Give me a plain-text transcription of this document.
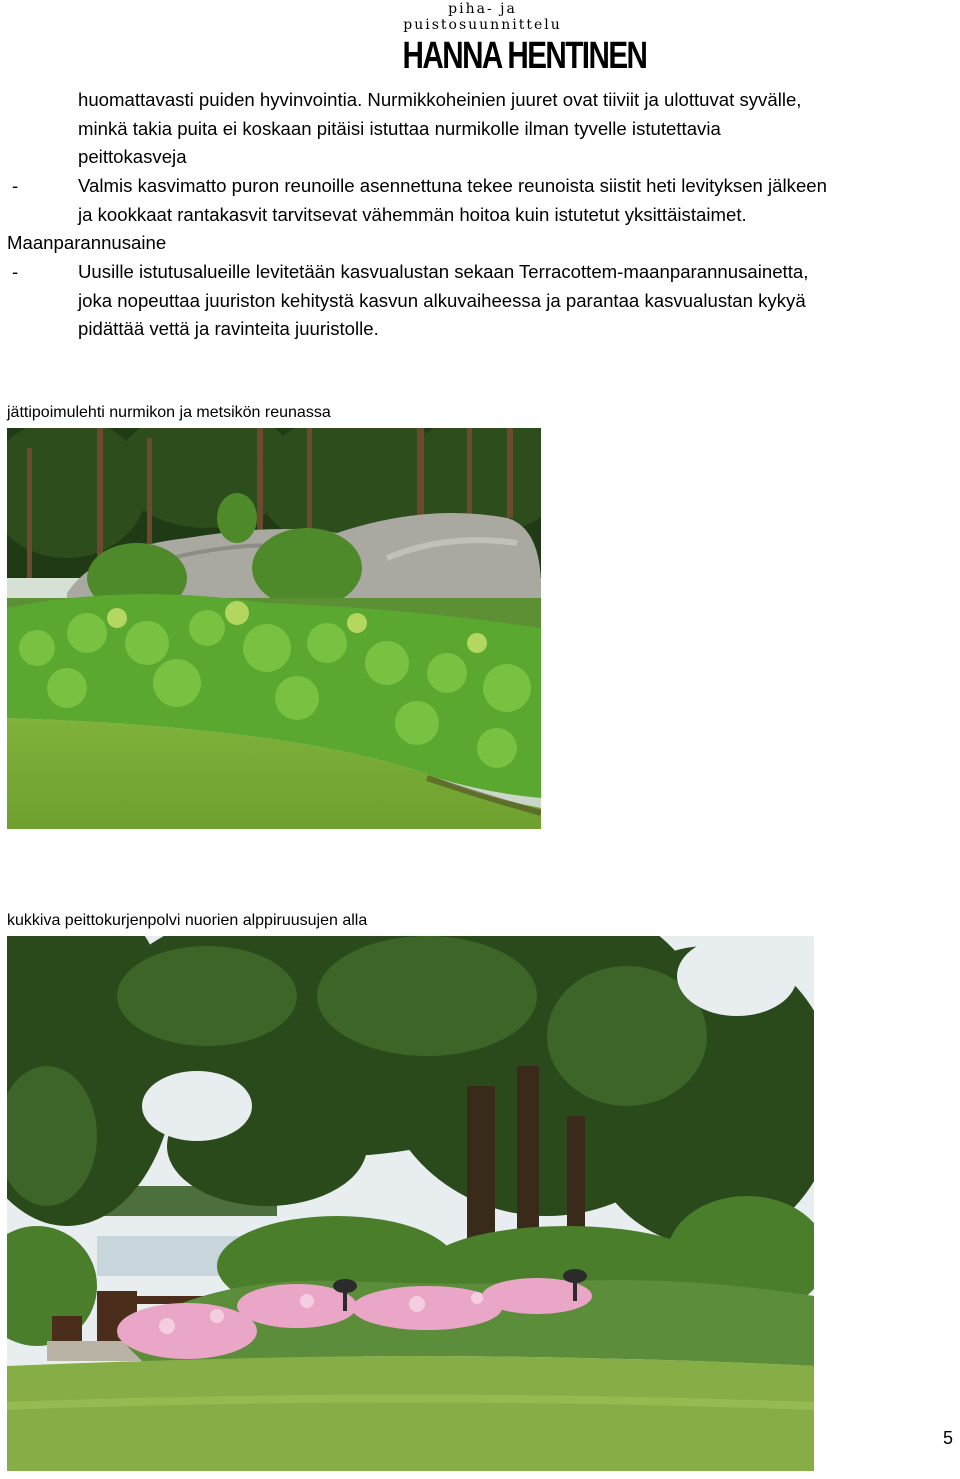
piha- ja puistosuunnittelu
HANNA HENTINEN
huomattavasti puiden hyvinvointia. Nurmikkoheinien juuret ovat tiiviit ja ulottuvat syvälle,
minkä takia puita ei koskaan pitäisi istuttaa nurmikolle ilman tyvelle istutettavia
peittokasveja
-	Valmis kasvimatto puron reunoille asennettuna tekee reunoista siistit heti levityksen jälkeen
ja kookkaat rantakasvit tarvitsevat vähemmän hoitoa kuin istutetut yksittäistaimet.
Maanparannusaine
-	Uusille istutusalueille levitetään kasvualustan sekaan Terracottem-maanparannusainetta,
joka nopeuttaa juuriston kehitystä kasvun alkuvaiheessa ja parantaa kasvualustan kykyä
pidättää vettä ja ravinteita juuristolle.
jättipoimulehti nurmikon ja metsikön reunassa
kukkiva peittokurjenpolvi nuorien alppiruusujen alla
5
